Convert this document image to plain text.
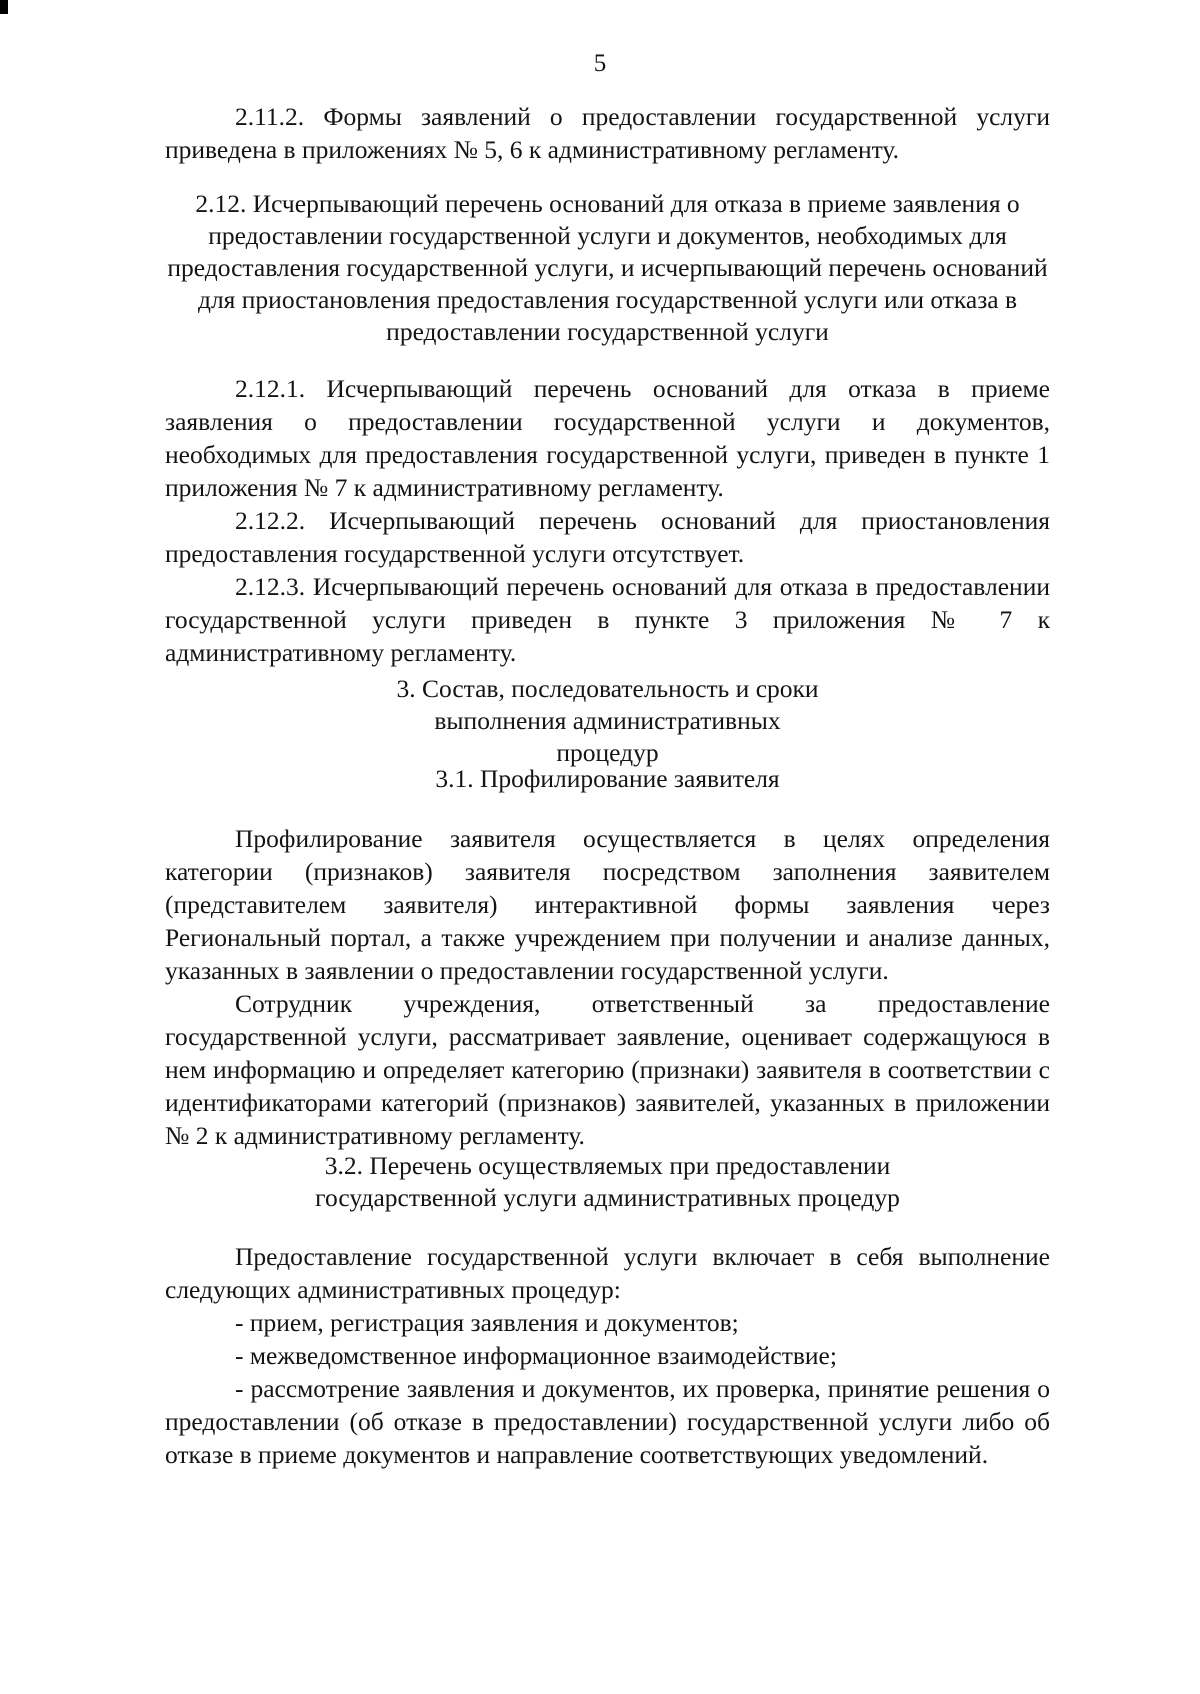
5

2.11.2. Формы заявлений о предоставлении государственной услуги приведена в приложениях № 5, 6 к административному регламенту.

2.12. Исчерпывающий перечень оснований для отказа в приеме заявления о предоставлении государственной услуги и документов, необходимых для предоставления государственной услуги, и исчерпывающий перечень оснований для приостановления предоставления государственной услуги или отказа в предоставлении государственной услуги

2.12.1. Исчерпывающий перечень оснований для отказа в приеме заявления о предоставлении государственной услуги и документов, необходимых для предоставления государственной услуги, приведен в пункте 1 приложения № 7 к административному регламенту.

2.12.2. Исчерпывающий перечень оснований для приостановления предоставления государственной услуги отсутствует.

2.12.3. Исчерпывающий перечень оснований для отказа в предоставлении государственной услуги приведен в пункте 3 приложения № 7 к административному регламенту.

3. Состав, последовательность и сроки выполнения административных процедур

3.1. Профилирование заявителя

Профилирование заявителя осуществляется в целях определения категории (признаков) заявителя посредством заполнения заявителем (представителем заявителя) интерактивной формы заявления через Региональный портал, а также учреждением при получении и анализе данных, указанных в заявлении о предоставлении государственной услуги.

Сотрудник учреждения, ответственный за предоставление государственной услуги, рассматривает заявление, оценивает содержащуюся в нем информацию и определяет категорию (признаки) заявителя в соответствии с идентификаторами категорий (признаков) заявителей, указанных в приложении № 2 к административному регламенту.

3.2. Перечень осуществляемых при предоставлении государственной услуги административных процедур

Предоставление государственной услуги включает в себя выполнение следующих административных процедур:

- прием, регистрация заявления и документов;

- межведомственное информационное взаимодействие;

- рассмотрение заявления и документов, их проверка, принятие решения о предоставлении (об отказе в предоставлении) государственной услуги либо об отказе в приеме документов и направление соответствующих уведомлений.
